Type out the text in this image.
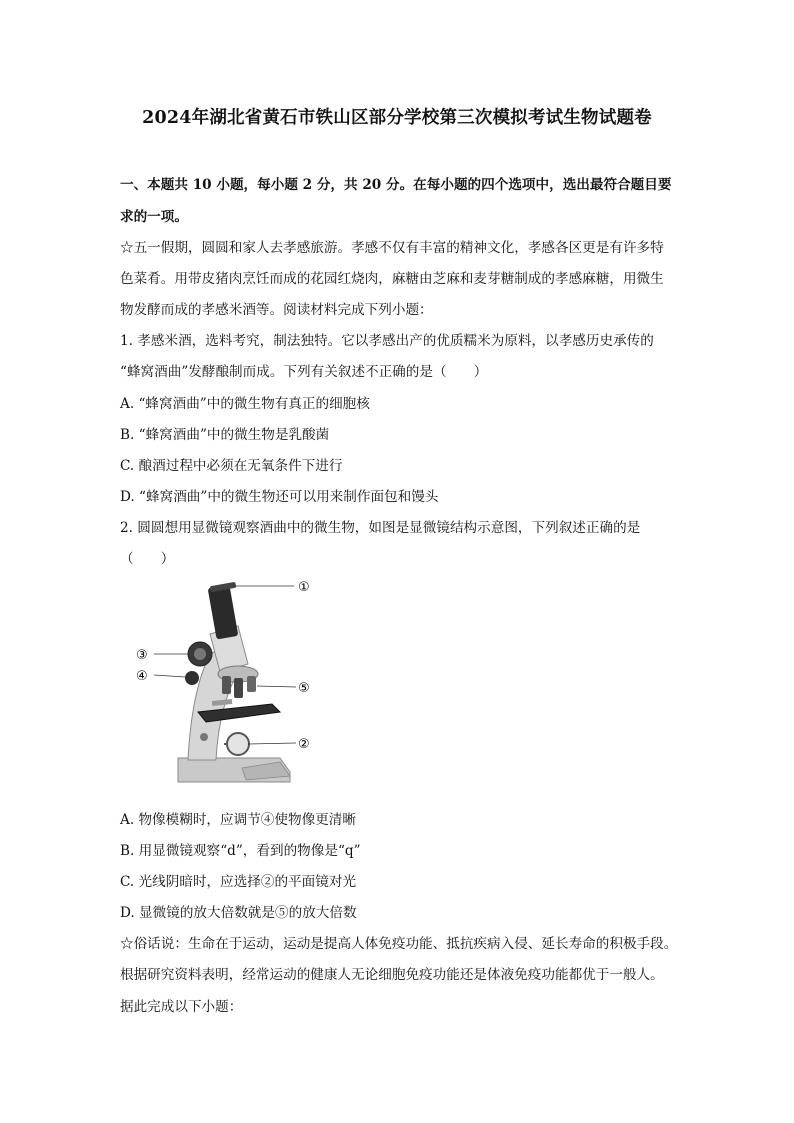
2024年湖北省黄石市铁山区部分学校第三次模拟考试生物试题卷
一、本题共 10 小题，每小题 2 分，共 20 分。在每小题的四个选项中，选出最符合题目要
求的一项。
☆五一假期，圆圆和家人去孝感旅游。孝感不仅有丰富的精神文化，孝感各区更是有许多特
色菜肴。用带皮猪肉烹饪而成的花园红烧肉，麻糖由芝麻和麦芽糖制成的孝感麻糖，用微生
物发酵而成的孝感米酒等。阅读材料完成下列小题：
1. 孝感米酒，选料考究，制法独特。它以孝感出产的优质糯米为原料，以孝感历史承传的
“蜂窝酒曲”发酵酿制而成。下列有关叙述不正确的是（　　）
A. “蜂窝酒曲”中的微生物有真正的细胞核
B. “蜂窝酒曲”中的微生物是乳酸菌
C. 酿酒过程中必须在无氧条件下进行
D. “蜂窝酒曲”中的微生物还可以用来制作面包和馒头
2. 圆圆想用显微镜观察酒曲中的微生物，如图是显微镜结构示意图，下列叙述正确的是
（　　）
①
②
③
④
⑤
A. 物像模糊时，应调节④使物像更清晰
B. 用显微镜观察“d”，看到的物像是“q”
C. 光线阴暗时，应选择②的平面镜对光
D. 显微镜的放大倍数就是⑤的放大倍数
☆俗话说：生命在于运动，运动是提高人体免疫功能、抵抗疾病入侵、延长寿命的积极手段。
根据研究资料表明，经常运动的健康人无论细胞免疫功能还是体液免疫功能都优于一般人。
据此完成以下小题：
